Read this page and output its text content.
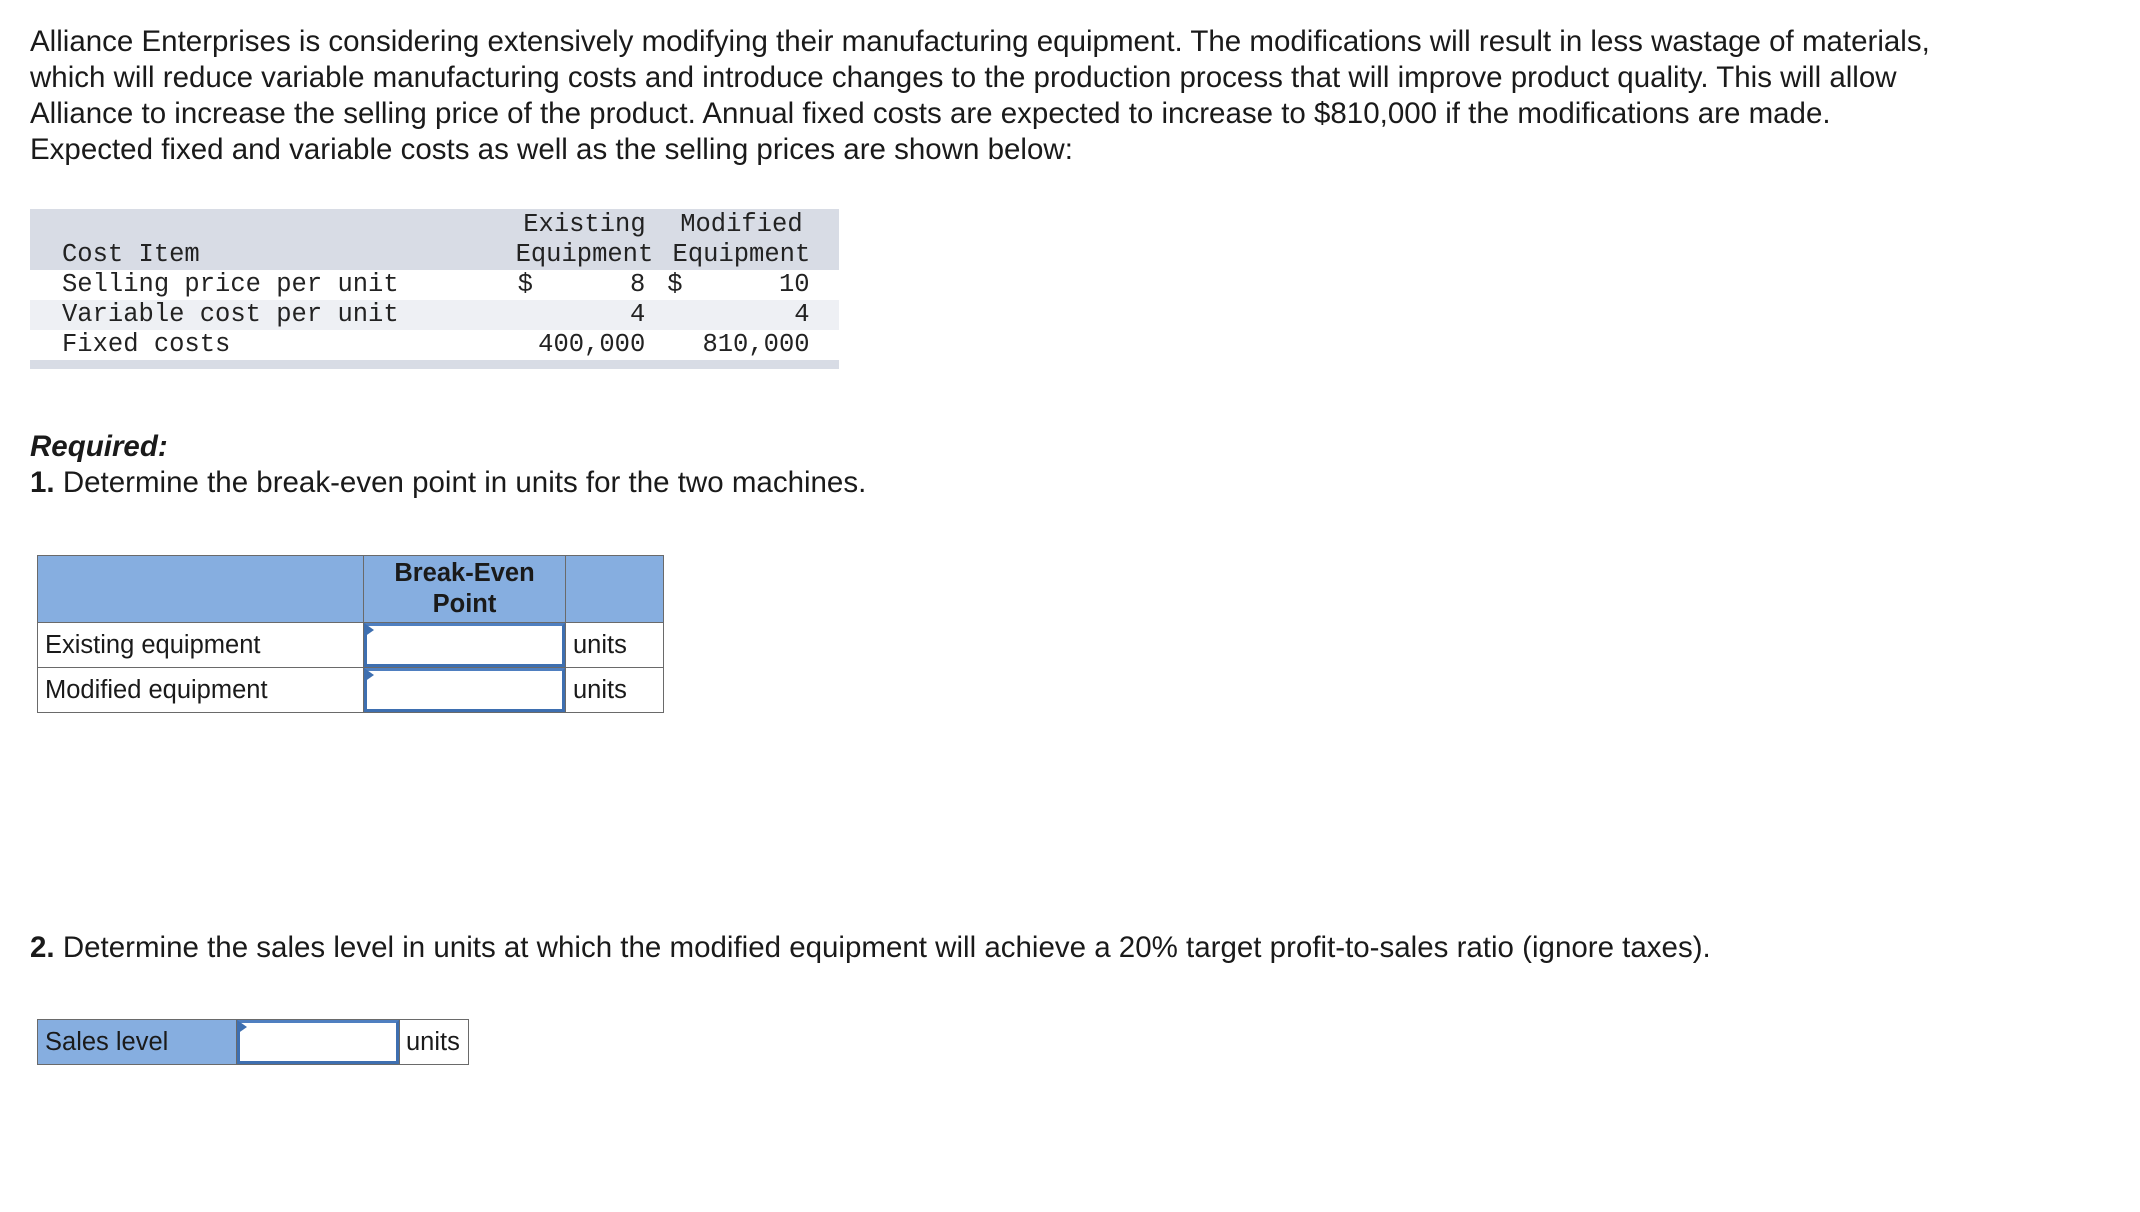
Alliance Enterprises is considering extensively modifying their manufacturing equipment. The modifications will result in less wastage of materials, which will reduce variable manufacturing costs and introduce changes to the production process that will improve product quality. This will allow Alliance to increase the selling price of the product. Annual fixed costs are expected to increase to $810,000 if the modifications are made. Expected fixed and variable costs as well as the selling prices are shown below:

	Existing	Modified	
Cost Item	Equipment	Equipment	
Selling price per unit	$ 8	$ 10	

Variable cost per unit	4	4	
Fixed costs	400,000	810,000	

Required:

1. Determine the break-even point in units for the two machines.

	Break-Even Point	
Existing equipment		units
Modified equipment		units

2. Determine the sales level in units at which the modified equipment will achieve a 20% target profit-to-sales ratio (ignore taxes).

Sales level		units
